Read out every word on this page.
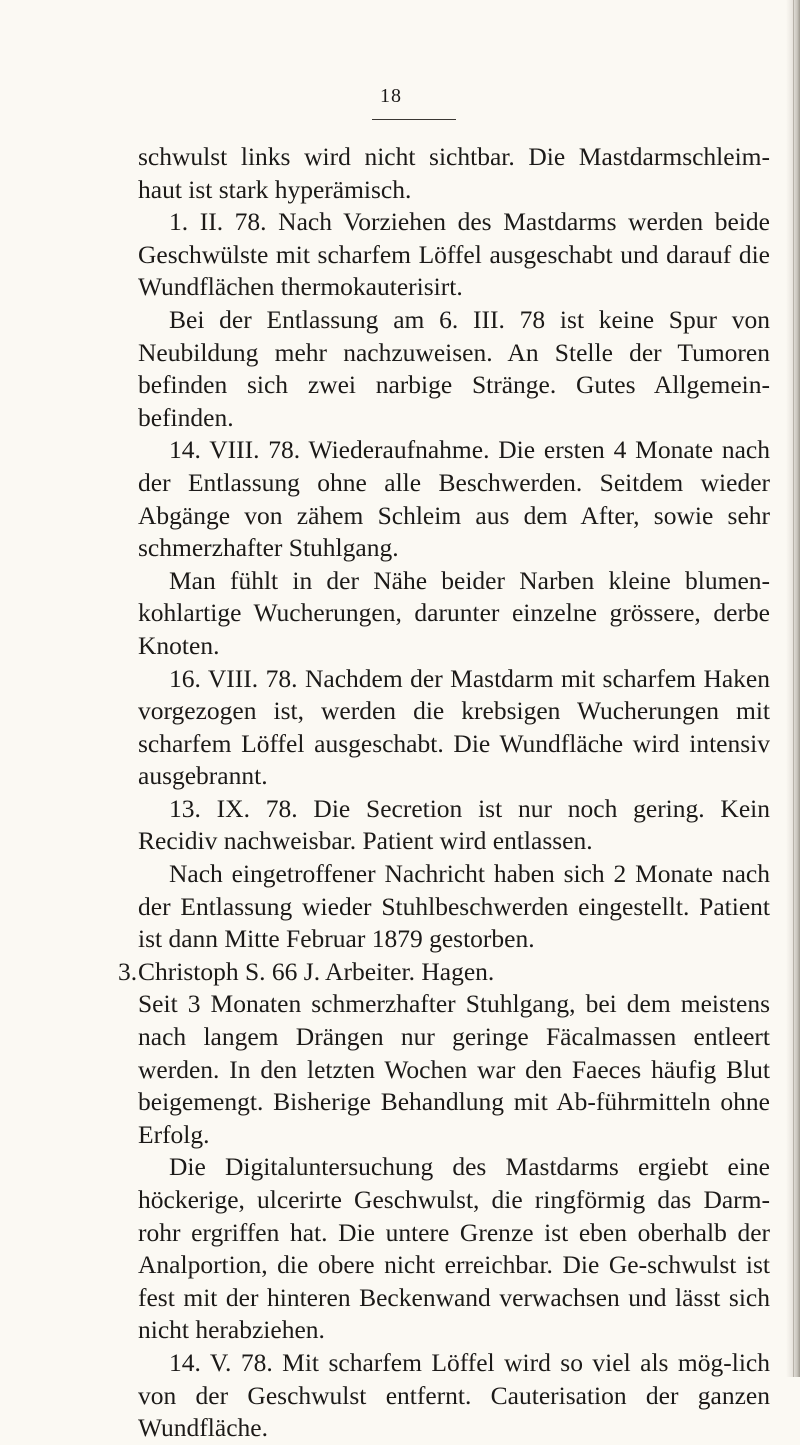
18

schwulst links wird nicht sichtbar. Die Mastdarmschleim-haut ist stark hyperämisch.

1. II. 78. Nach Vorziehen des Mastdarms werden beide Geschwülste mit scharfem Löffel ausgeschabt und darauf die Wundflächen thermokauterisirt.

Bei der Entlassung am 6. III. 78 ist keine Spur von Neubildung mehr nachzuweisen. An Stelle der Tumoren befinden sich zwei narbige Stränge. Gutes Allgemein-befinden.

14. VIII. 78. Wiederaufnahme. Die ersten 4 Monate nach der Entlassung ohne alle Beschwerden. Seitdem wieder Abgänge von zähem Schleim aus dem After, sowie sehr schmerzhafter Stuhlgang.

Man fühlt in der Nähe beider Narben kleine blumen-kohlartige Wucherungen, darunter einzelne grössere, derbe Knoten.

16. VIII. 78. Nachdem der Mastdarm mit scharfem Haken vorgezogen ist, werden die krebsigen Wucherungen mit scharfem Löffel ausgeschabt. Die Wundfläche wird intensiv ausgebrannt.

13. IX. 78. Die Secretion ist nur noch gering. Kein Recidiv nachweisbar. Patient wird entlassen.

Nach eingetroffener Nachricht haben sich 2 Monate nach der Entlassung wieder Stuhlbeschwerden eingestellt. Patient ist dann Mitte Februar 1879 gestorben.

3. Christoph S. 66 J. Arbeiter. Hagen.

Seit 3 Monaten schmerzhafter Stuhlgang, bei dem meistens nach langem Drängen nur geringe Fäcalmassen entleert werden. In den letzten Wochen war den Faeces häufig Blut beigemengt. Bisherige Behandlung mit Ab-führmitteln ohne Erfolg.

Die Digitaluntersuchung des Mastdarms ergiebt eine höckerige, ulcerirte Geschwulst, die ringförmig das Darm-rohr ergriffen hat. Die untere Grenze ist eben oberhalb der Analportion, die obere nicht erreichbar. Die Ge-schwulst ist fest mit der hinteren Beckenwand verwachsen und lässt sich nicht herabziehen.

14. V. 78. Mit scharfem Löffel wird so viel als mög-lich von der Geschwulst entfernt. Cauterisation der ganzen Wundfläche.
